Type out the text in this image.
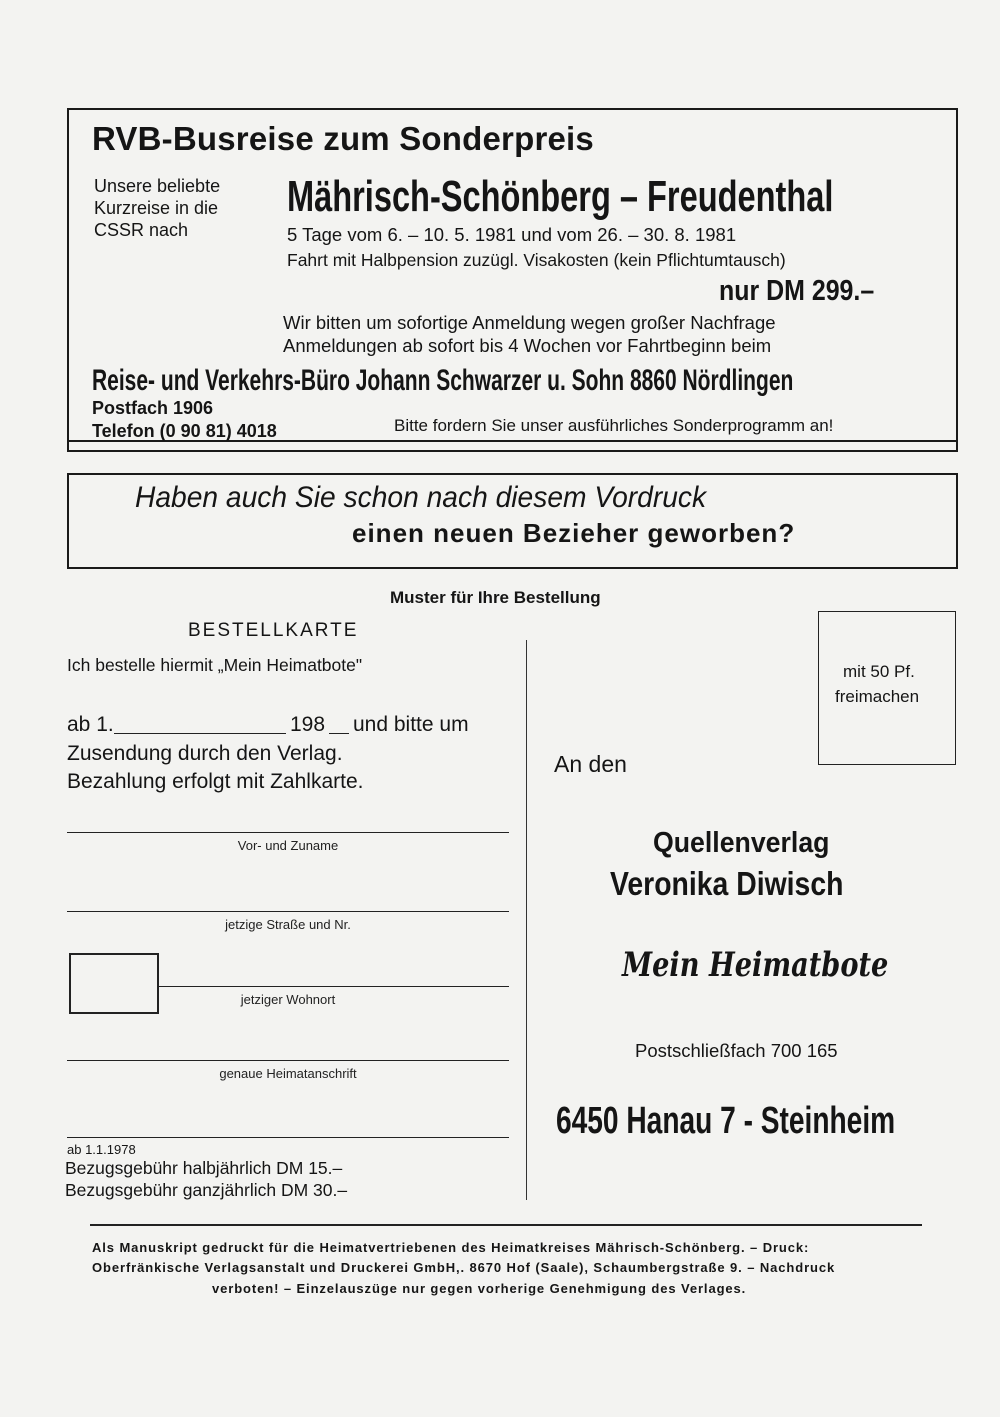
RVB-Busreise zum Sonderpreis
Unsere beliebte
Kurzreise in die
CSSR nach
Mährisch-Schönberg – Freudenthal
5 Tage vom 6. – 10. 5. 1981 und vom 26. – 30. 8. 1981
Fahrt mit Halbpension zuzügl. Visakosten (kein Pflichtumtausch)
nur DM 299.–
Wir bitten um sofortige Anmeldung wegen großer Nachfrage
Anmeldungen ab sofort bis 4 Wochen vor Fahrtbeginn beim
Reise- und Verkehrs-Büro Johann Schwarzer u. Sohn 8860 Nördlingen
Postfach 1906
Telefon (0 90 81) 4018	Bitte fordern Sie unser ausführliches Sonderprogramm an!
Haben auch Sie schon nach diesem Vordruck
einen neuen Bezieher geworben?
Muster für Ihre Bestellung
BESTELLKARTE
Ich bestelle hiermit „Mein Heimatbote"
ab 1.	198 und bitte um
Zusendung durch den Verlag.
Bezahlung erfolgt mit Zahlkarte.
Vor- und Zuname
jetzige Straße und Nr.
jetziger Wohnort
genaue Heimatanschrift
ab 1.1.1978
Bezugsgebühr halbjährlich DM 15.–
Bezugsgebühr ganzjährlich DM 30.–
mit 50 Pf.
freimachen
An den
Quellenverlag
Veronika Diwisch
Mein Heimatbote
Postschließfach 700 165
6450 Hanau 7 - Steinheim
Als Manuskript gedruckt für die Heimatvertriebenen des Heimatkreises Mährisch-Schönberg. – Druck:
Oberfränkische Verlagsanstalt und Druckerei GmbH,. 8670 Hof (Saale), Schaumbergstraße 9. – Nachdruck
verboten! – Einzelauszüge nur gegen vorherige Genehmigung des Verlages.
